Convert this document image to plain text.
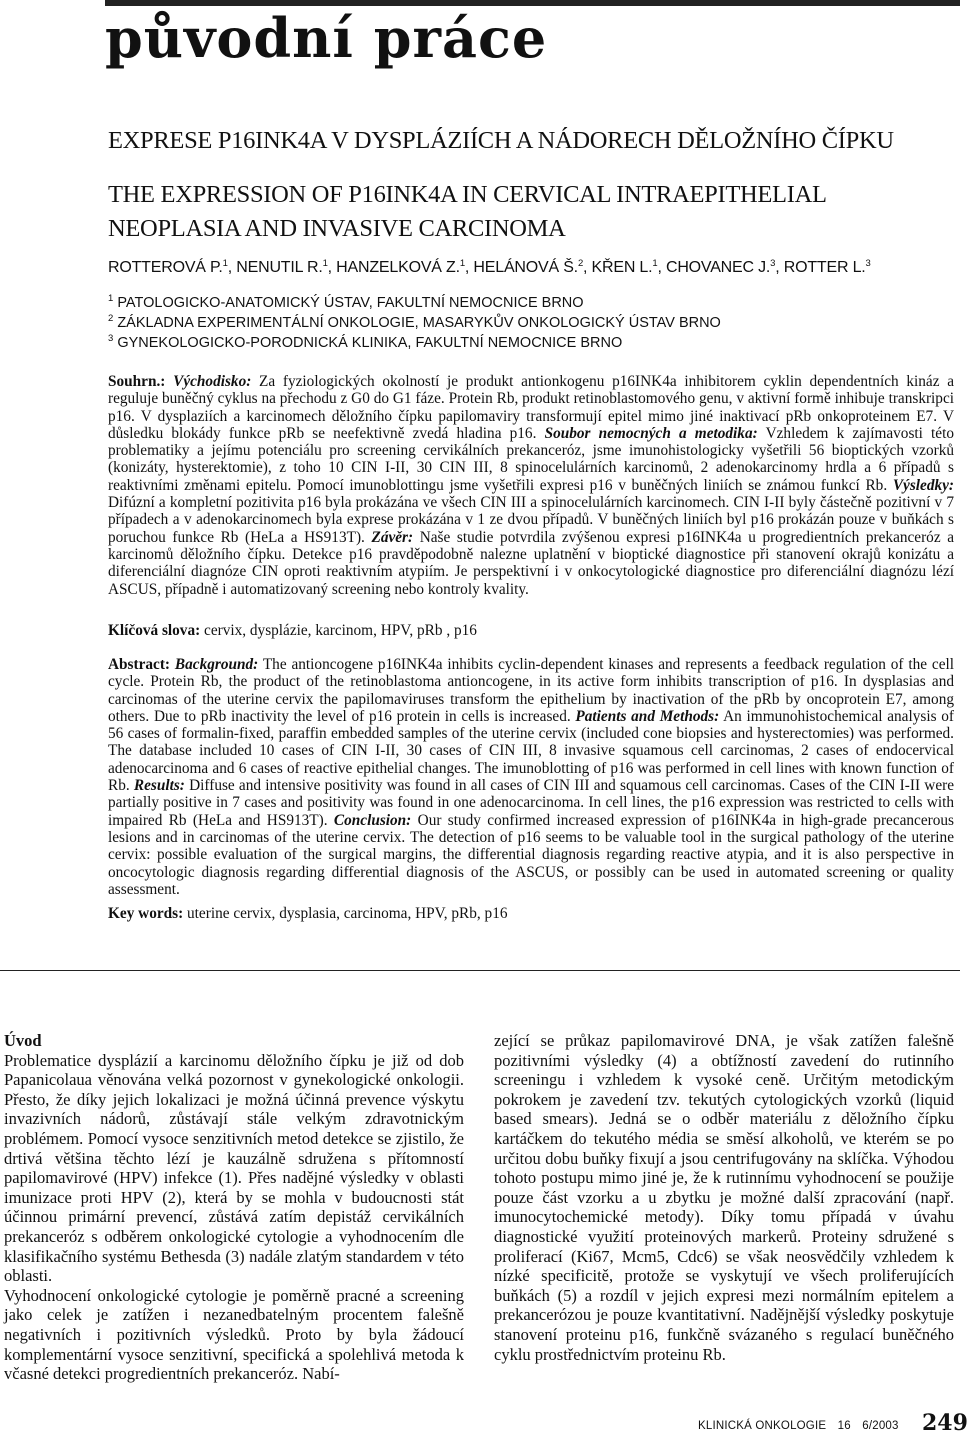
původní práce
EXPRESE P16INK4A V DYSPLÁZIÍCH A NÁDORECH DĚLOŽNÍHO ČÍPKU
THE EXPRESSION OF P16INK4A IN CERVICAL INTRAEPITHELIAL
NEOPLASIA AND INVASIVE CARCINOMA
ROTTEROVÁ P.$^1$, NENUTIL R.$^1$, HANZELKOVÁ Z.$^1$, HELÁNOVÁ Š.$^2$, KŘEN L.$^1$, CHOVANEC J.$^3$, ROTTER L.$^3$
$^1$ PATOLOGICKO-ANATOMICKÝ ÚSTAV, FAKULTNÍ NEMOCNICE BRNO
$^2$ ZÁKLADNA EXPERIMENTÁLNÍ ONKOLOGIE, MASARYKŮV ONKOLOGICKÝ ÚSTAV BRNO
$^3$ GYNEKOLOGICKO-PORODNICKÁ KLINIKA, FAKULTNÍ NEMOCNICE BRNO

Souhrn.: Východisko: Za fyziologických okolností je produkt antionkogenu p16INK4a inhibitorem cyklin dependentních kináz a reguluje buněčný cyklus na přechodu z G0 do G1 fáze. Protein Rb, produkt retinoblastomového genu, v aktivní formě inhibuje transkripci p16. V dysplaziích a karcinomech děložního čípku papilomaviry transformují epitel mimo jiné inaktivací pRb onkoproteinem E7. V důsledku blokády funkce pRb se neefektivně zvedá hladina p16. Soubor nemocných a metodika: Vzhledem k zajímavosti této problematiky a jejímu potenciálu pro screening cervikálních prekanceróz, jsme imunohistologicky vyšetřili 56 bioptických vzorků (konizáty, hysterektomie), z toho 10 CIN I-II, 30 CIN III, 8 spinocelulárních karcinomů, 2 adenokarcinomy hrdla a 6 případů s reaktivními změnami epitelu. Pomocí imunoblottingu jsme vyšetřili expresi p16 v buněčných liniích se známou funkcí Rb. Výsledky: Difúzní a kompletní pozitivita p16 byla prokázána ve všech CIN III a spinocelulárních karcinomech. CIN I-II byly částečně pozitivní v 7 případech a v adenokarcinomech byla exprese prokázána v 1 ze dvou případů. V buněčných liniích byl p16 prokázán pouze v buňkách s poruchou funkce Rb (HeLa a HS913T). Závěr: Naše studie potvrdila zvýšenou expresi p16INK4a u progredientních prekanceróz a karcinomů děložního čípku. Detekce p16 pravděpodobně nalezne uplatnění v bioptické diagnostice při stanovení okrajů konizátu a diferenciální diagnóze CIN oproti reaktivním atypiím. Je perspektivní i v onkocytologické diagnostice pro diferenciální diagnózu lézí ASCUS, případně i automatizovaný screening nebo kontroly kvality.

Klíčová slova: cervix, dysplázie, karcinom, HPV, pRb , p16

Abstract: Background: The antioncogene p16INK4a inhibits cyclin-dependent kinases and represents a feedback regulation of the cell cycle. Protein Rb, the product of the retinoblastoma antioncogene, in its active form inhibits transcription of p16. In dysplasias and carcinomas of the uterine cervix the papilomaviruses transform the epithelium by inactivation of the pRb by oncoprotein E7, among others. Due to pRb inactivity the level of p16 protein in cells is increased. Patients and Methods: An immunohistochemical analysis of 56 cases of formalin-fixed, paraffin embedded samples of the uterine cervix (included cone biopsies and hysterectomies) was performed. The database included 10 cases of CIN I-II, 30 cases of CIN III, 8 invasive squamous cell carcinomas, 2 cases of endocervical adenocarcinoma and 6 cases of reactive epithelial changes. The imunoblotting of p16 was performed in cell lines with known function of Rb. Results: Diffuse and intensive positivity was found in all cases of CIN III and squamous cell carcinomas. Cases of the CIN I-II were partially positive in 7 cases and positivity was found in one adenocarcinoma. In cell lines, the p16 expression was restricted to cells with impaired Rb (HeLa and HS913T). Conclusion: Our study confirmed increased expression of p16INK4a in high-grade precancerous lesions and in carcinomas of the uterine cervix. The detection of p16 seems to be valuable tool in the surgical pathology of the uterine cervix: possible evaluation of the surgical margins, the differential diagnosis regarding reactive atypia, and it is also perspective in oncocytologic diagnosis regarding differential diagnosis of the ASCUS, or possibly can be used in automated screening or quality assessment.

Key words: uterine cervix, dysplasia, carcinoma, HPV, pRb, p16

Úvod

Problematice dysplázií a karcinomu děložního čípku je již od dob Papanicolaua věnována velká pozornost v gynekologické onkologii. Přesto, že díky jejich lokalizaci je možná účinná prevence výskytu invazivních nádorů, zůstávají stále velkým zdravotnickým problémem. Pomocí vysoce senzitivních metod detekce se zjistilo, že drtivá většina těchto lézí je kauzálně sdružena s přítomností papilomavirové (HPV) infekce (1). Přes nadějné výsledky v oblasti imunizace proti HPV (2), která by se mohla v budoucnosti stát účinnou primární prevencí, zůstává zatím depistáž cervikálních prekanceróz s odběrem onkologické cytologie a vyhodnocením dle klasifikačního systému Bethesda (3) nadále zlatým standardem v této oblasti.

Vyhodnocení onkologické cytologie je poměrně pracné a screening jako celek je zatížen i nezanedbatelným procentem falešně negativních i pozitivních výsledků. Proto by byla žádoucí komplementární vysoce senzitivní, specifická a spolehlivá metoda k včasné detekci progredientních prekanceróz. Nabí-

zející se průkaz papilomavirové DNA, je však zatížen falešně pozitivními výsledky (4) a obtížností zavedení do rutinního screeningu i vzhledem k vysoké ceně. Určitým metodickým pokrokem je zavedení tzv. tekutých cytologických vzorků (liquid based smears). Jedná se o odběr materiálu z děložního čípku kartáčkem do tekutého média se směsí alkoholů, ve kterém se po určitou dobu buňky fixují a jsou centrifugovány na sklíčka. Výhodou tohoto postupu mimo jiné je, že k rutinnímu vyhodnocení se použije pouze část vzorku a u zbytku je možné další zpracování (např. imunocytochemické metody). Díky tomu případá v úvahu diagnostické využití proteinových markerů. Proteiny sdružené s proliferací (Ki67, Mcm5, Cdc6) se však neosvědčily vzhledem k nízké specificitě, protože se vyskytují ve všech proliferujících buňkách (5) a rozdíl v jejich expresi mezi normálním epitelem a prekancerózou je pouze kvantitativní. Nadějnější výsledky poskytuje stanovení proteinu p16, funkčně svázaného s regulací buněčného cyklu prostřednictvím proteinu Rb.

KLINICKÁ ONKOLOGIE 16 6/2003	249
